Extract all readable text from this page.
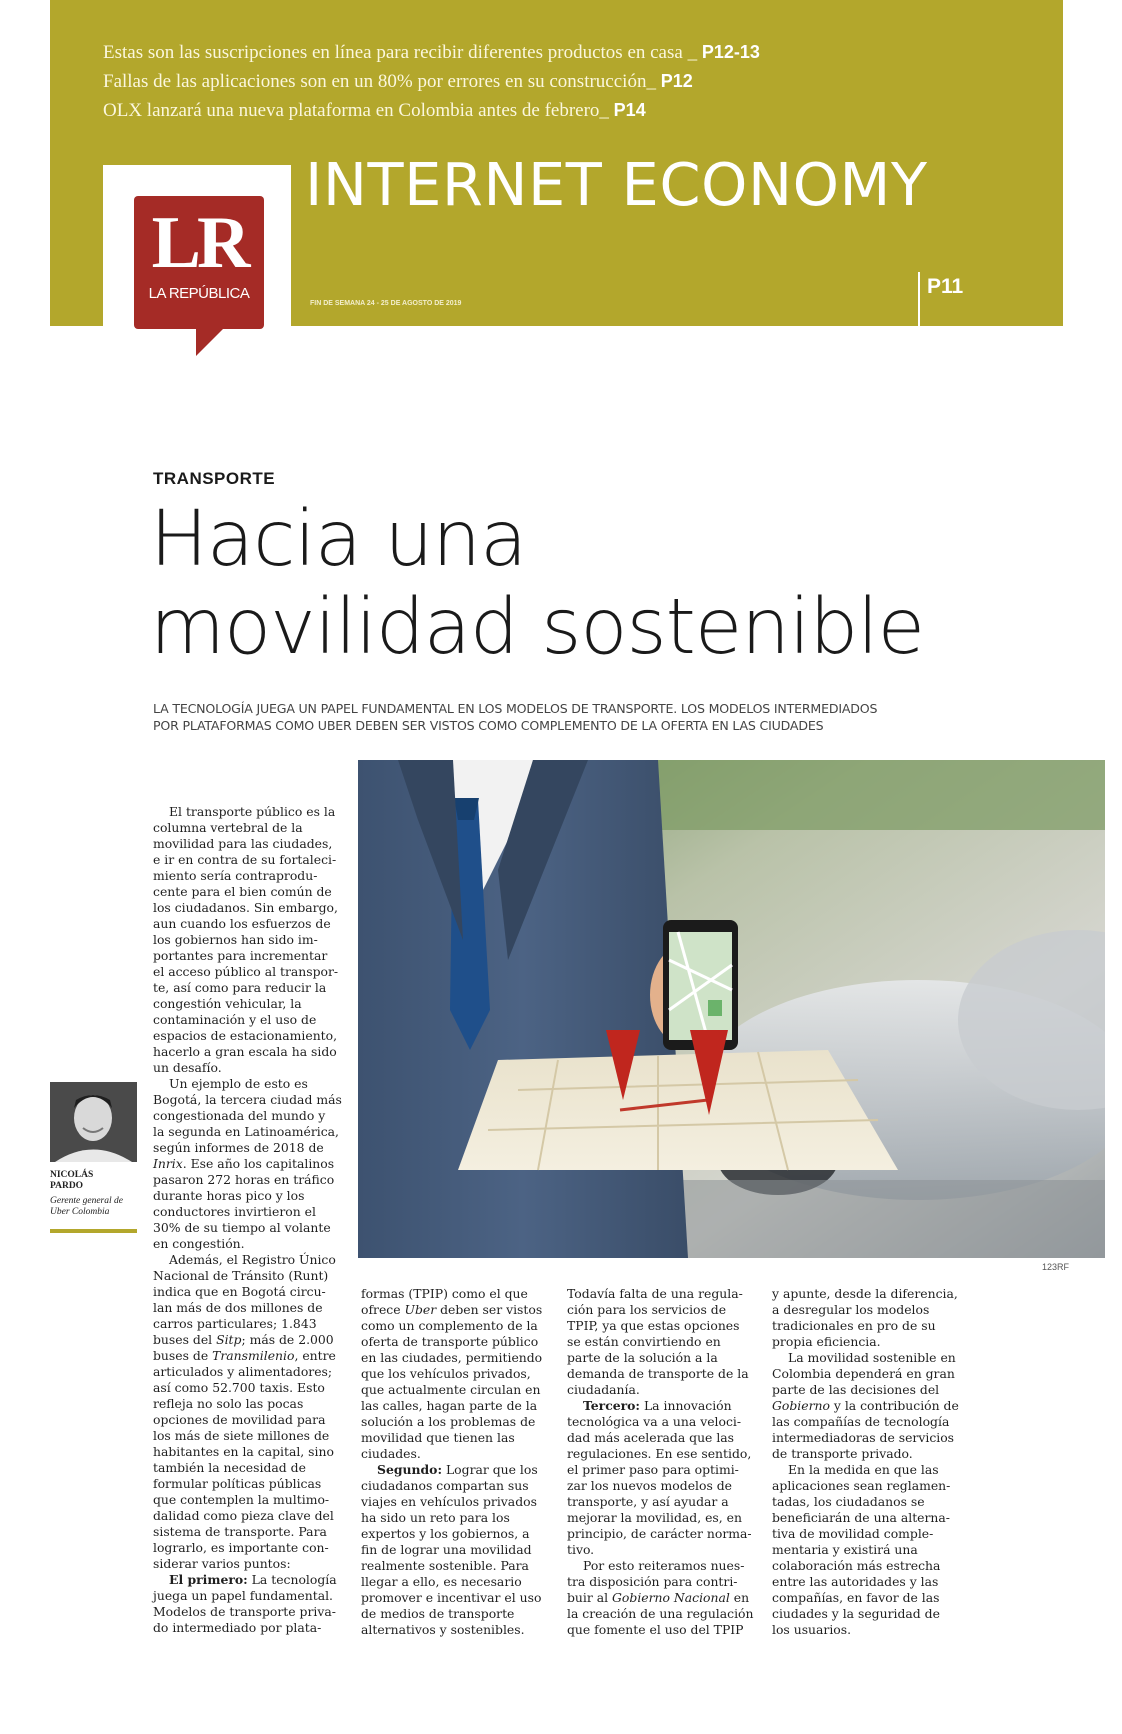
Estas son las suscripciones en línea para recibir diferentes productos en casa _ P12-13
Fallas de las aplicaciones son en un 80% por errores en su construcción_ P12
OLX lanzará una nueva plataforma en Colombia antes de febrero_ P14
LR
LA REPÚBLICA
INTERNET ECONOMY
FIN DE SEMANA 24 - 25 DE AGOSTO DE 2019
P11
TRANSPORTE
Hacia una
movilidad sostenible
LA TECNOLOGÍA JUEGA UN PAPEL FUNDAMENTAL EN LOS MODELOS DE TRANSPORTE. LOS MODELOS INTERMEDIADOS
POR PLATAFORMAS COMO UBER DEBEN SER VISTOS COMO COMPLEMENTO DE LA OFERTA EN LAS CIUDADES
123RF
NICOLÁS
PARDO
Gerente general de
Uber Colombia
El transporte público es la
columna vertebral de la
movilidad para las ciudades,
e ir en contra de su fortaleci-
miento sería contraprodu-
cente para el bien común de
los ciudadanos. Sin embargo,
aun cuando los esfuerzos de
los gobiernos han sido im-
portantes para incrementar
el acceso público al transpor-
te, así como para reducir la
congestión vehicular, la
contaminación y el uso de
espacios de estacionamiento,
hacerlo a gran escala ha sido
un desafío.
Un ejemplo de esto es
Bogotá, la tercera ciudad más
congestionada del mundo y
la segunda en Latinoamérica,
según informes de 2018 de
Inrix. Ese año los capitalinos
pasaron 272 horas en tráfico
durante horas pico y los
conductores invirtieron el
30% de su tiempo al volante
en congestión.
Además, el Registro Único
Nacional de Tránsito (Runt)
indica que en Bogotá circu-
lan más de dos millones de
carros particulares; 1.843
buses del Sitp; más de 2.000
buses de Transmilenio, entre
articulados y alimentadores;
así como 52.700 taxis. Esto
refleja no solo las pocas
opciones de movilidad para
los más de siete millones de
habitantes en la capital, sino
también la necesidad de
formular políticas públicas
que contemplen la multimo-
dalidad como pieza clave del
sistema de transporte. Para
lograrlo, es importante con-
siderar varios puntos:
El primero: La tecnología
juega un papel fundamental.
Modelos de transporte priva-
do intermediado por plata-
formas (TPIP) como el que
ofrece Uber deben ser vistos
como un complemento de la
oferta de transporte público
en las ciudades, permitiendo
que los vehículos privados,
que actualmente circulan en
las calles, hagan parte de la
solución a los problemas de
movilidad que tienen las
ciudades.
Segundo: Lograr que los
ciudadanos compartan sus
viajes en vehículos privados
ha sido un reto para los
expertos y los gobiernos, a
fin de lograr una movilidad
realmente sostenible. Para
llegar a ello, es necesario
promover e incentivar el uso
de medios de transporte
alternativos y sostenibles.
Todavía falta de una regula-
ción para los servicios de
TPIP, ya que estas opciones
se están convirtiendo en
parte de la solución a la
demanda de transporte de la
ciudadanía.
Tercero: La innovación
tecnológica va a una veloci-
dad más acelerada que las
regulaciones. En ese sentido,
el primer paso para optimi-
zar los nuevos modelos de
transporte, y así ayudar a
mejorar la movilidad, es, en
principio, de carácter norma-
tivo.
Por esto reiteramos nues-
tra disposición para contri-
buir al Gobierno Nacional en
la creación de una regulación
que fomente el uso del TPIP
y apunte, desde la diferencia,
a desregular los modelos
tradicionales en pro de su
propia eficiencia.
La movilidad sostenible en
Colombia dependerá en gran
parte de las decisiones del
Gobierno y la contribución de
las compañías de tecnología
intermediadoras de servicios
de transporte privado.
En la medida en que las
aplicaciones sean reglamen-
tadas, los ciudadanos se
beneficiarán de una alterna-
tiva de movilidad comple-
mentaria y existirá una
colaboración más estrecha
entre las autoridades y las
compañías, en favor de las
ciudades y la seguridad de
los usuarios.
